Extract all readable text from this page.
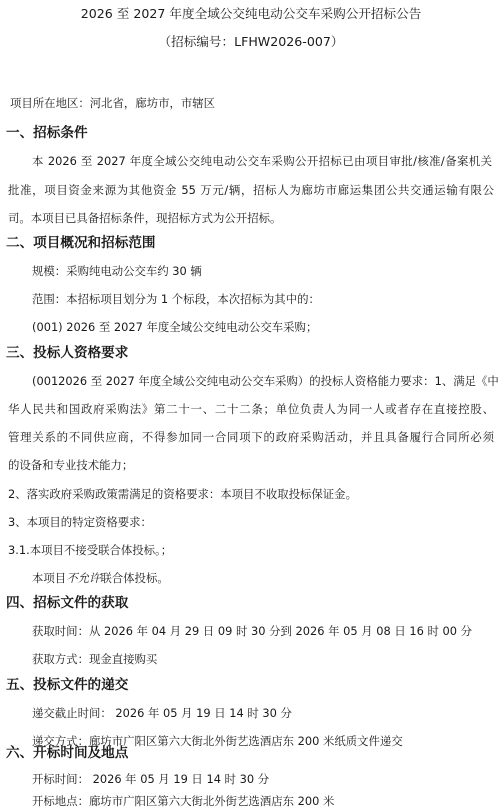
2026 至 2027 年度全域公交纯电动公交车采购公开招标公告
（招标编号：LFHW2026-007）
项目所在地区：河北省，廊坊市，市辖区
一、招标条件
本 2026 至 2027 年度全域公交纯电动公交车采购公开招标已由项目审批/核准/备案机关
批准，项目资金来源为其他资金 55 万元/辆，招标人为廊坊市廊运集团公共交通运输有限公
司。本项目已具备招标条件，现招标方式为公开招标。
二、项目概况和招标范围
规模：采购纯电动公交车约 30 辆
范围：本招标项目划分为 1 个标段，本次招标为其中的：
(001) 2026 至 2027 年度全域公交纯电动公交车采购；
三、投标人资格要求
(0012026 至 2027 年度全域公交纯电动公交车采购）的投标人资格能力要求：1、满足《中
华人民共和国政府采购法》第二十一、二十二条；单位负责人为同一人或者存在直接控股、
管理关系的不同供应商，不得参加同一合同项下的政府采购活动，并且具备履行合同所必须
的设备和专业技术能力；
2、落实政府采购政策需满足的资格要求：本项目不收取投标保证金。
3、本项目的特定资格要求：
3.1.本项目不接受联合体投标。；
本项目不允许联合体投标。
四、招标文件的获取
获取时间：从 2026 年 04 月 29 日 09 时 30 分到 2026 年 05 月 08 日 16 时 00 分
获取方式：现金直接购买
五、投标文件的递交
递交截止时间： 2026 年 05 月 19 日 14 时 30 分
递交方式：廊坊市广阳区第六大街北外街艺选酒店东 200 米纸质文件递交
六、开标时间及地点
开标时间： 2026 年 05 月 19 日 14 时 30 分
开标地点：廊坊市广阳区第六大街北外街艺选酒店东 200 米
